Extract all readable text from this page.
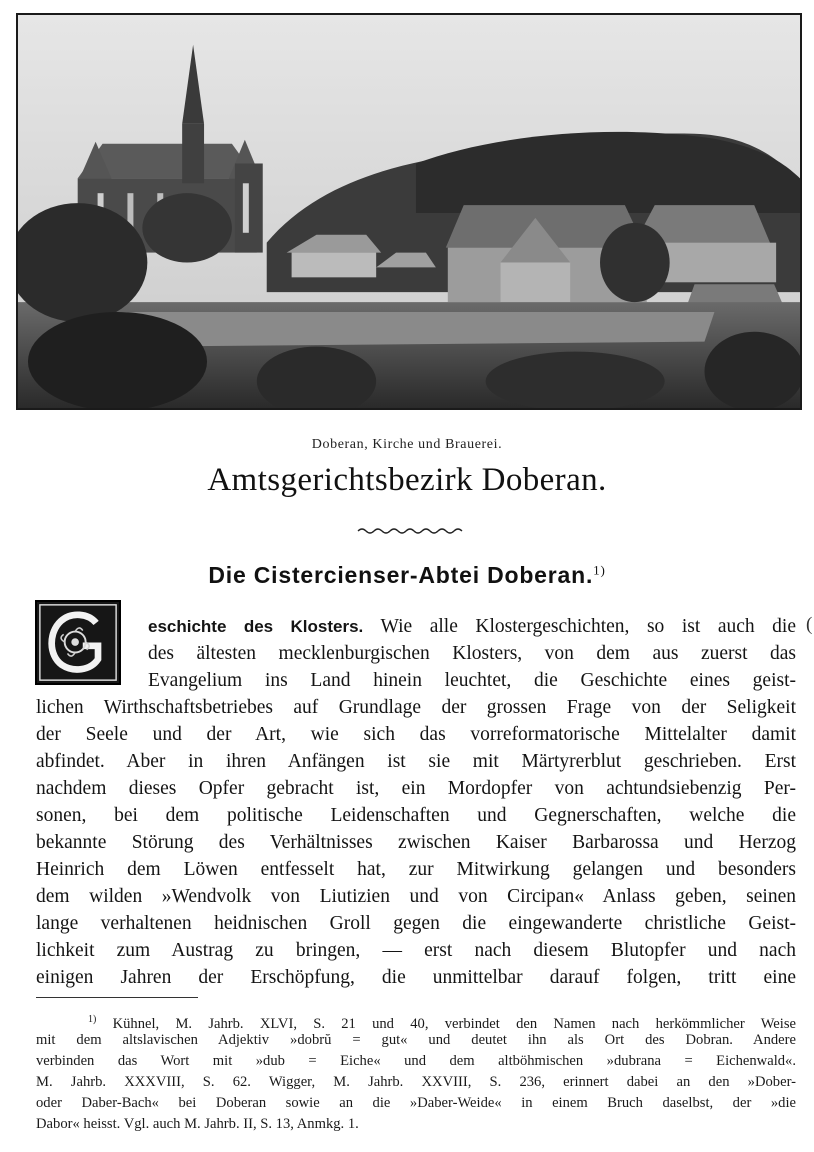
Doberan, Kirche und Brauerei.
Amtsgerichtsbezirk Doberan.
Die Cistercienser-Abtei Doberan.$^{1)}$
G
eschichte des Klosters. Wie alle Klostergeschichten, so ist auch die
des ältesten mecklenburgischen Klosters, von dem aus zuerst das
Evangelium ins Land hinein leuchtet, die Geschichte eines geist-
lichen Wirthschaftsbetriebes auf Grundlage der grossen Frage von der Seligkeit
der Seele und der Art, wie sich das vorreformatorische Mittelalter damit
abfindet. Aber in ihren Anfängen ist sie mit Märtyrerblut geschrieben. Erst
nachdem dieses Opfer gebracht ist, ein Mordopfer von achtundsiebenzig Per-
sonen, bei dem politische Leidenschaften und Gegnerschaften, welche die
bekannte Störung des Verhältnisses zwischen Kaiser Barbarossa und Herzog
Heinrich dem Löwen entfesselt hat, zur Mitwirkung gelangen und besonders
dem wilden »Wendvolk von Liutizien und von Circipan« Anlass geben, seinen
lange verhaltenen heidnischen Groll gegen die eingewanderte christliche Geist-
lichkeit zum Austrag zu bringen, — erst nach diesem Blutopfer und nach
einigen Jahren der Erschöpfung, die unmittelbar darauf folgen, tritt eine
(
$^{1)}$ Kühnel, M. Jahrb. XLVI, S. 21 und 40, verbindet den Namen nach herkömmlicher Weise
mit dem altslavischen Adjektiv »dobrŭ = gut« und deutet ihn als Ort des Dobran. Andere
verbinden das Wort mit »dub = Eiche« und dem altböhmischen »dubrana = Eichenwald«.
M. Jahrb. XXXVIII, S. 62. Wigger, M. Jahrb. XXVIII, S. 236, erinnert dabei an den »Dober-
oder Daber-Bach« bei Doberan sowie an die »Daber-Weide« in einem Bruch daselbst, der »die
Dabor« heisst. Vgl. auch M. Jahrb. II, S. 13, Anmkg. 1.
